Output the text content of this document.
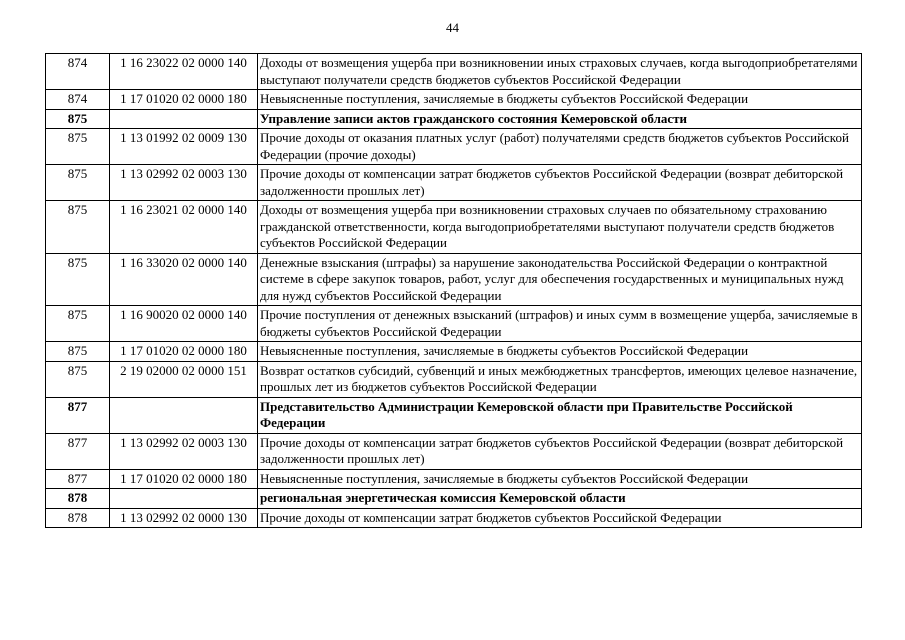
44
874	1 16 23022 02 0000 140	Доходы от возмещения ущерба при возникновении иных страховых случаев, когда выгодоприобретателями выступают получатели средств бюджетов субъектов Российской Федерации
874	1 17 01020 02 0000 180	Невыясненные поступления, зачисляемые в бюджеты субъектов Российской Федерации
875		Управление записи актов гражданского состояния Кемеровской области
875	1 13 01992 02 0009 130	Прочие доходы от оказания платных услуг (работ) получателями средств бюджетов субъектов Российской Федерации (прочие доходы)
875	1 13 02992 02 0003 130	Прочие доходы от компенсации затрат бюджетов субъектов Российской Федерации (возврат дебиторской задолженности прошлых лет)
875	1 16 23021 02 0000 140	Доходы от возмещения ущерба при возникновении страховых случаев по обязательному страхованию гражданской ответственности, когда выгодоприобретателями выступают получатели средств бюджетов субъектов Российской Федерации
875	1 16 33020 02 0000 140	Денежные взыскания (штрафы) за нарушение законодательства Российской Федерации о контрактной системе в сфере закупок товаров, работ, услуг для обеспечения государственных и муниципальных нужд для нужд субъектов Российской Федерации
875	1 16 90020 02 0000 140	Прочие поступления от денежных взысканий (штрафов) и иных сумм в возмещение ущерба, зачисляемые в бюджеты субъектов Российской Федерации
875	1 17 01020 02 0000 180	Невыясненные поступления, зачисляемые в бюджеты субъектов Российской Федерации
875	2 19 02000 02 0000 151	Возврат остатков субсидий, субвенций и иных межбюджетных трансфертов, имеющих целевое назначение, прошлых лет из бюджетов субъектов Российской Федерации
877		Представительство Администрации Кемеровской области при Правительстве Российской Федерации
877	1 13 02992 02 0003 130	Прочие доходы от компенсации затрат бюджетов субъектов Российской Федерации (возврат дебиторской задолженности прошлых лет)
877	1 17 01020 02 0000 180	Невыясненные поступления, зачисляемые в бюджеты субъектов Российской Федерации
878		региональная энергетическая комиссия Кемеровской области
878	1 13 02992 02 0000 130	Прочие доходы от компенсации затрат бюджетов субъектов Российской Федерации
